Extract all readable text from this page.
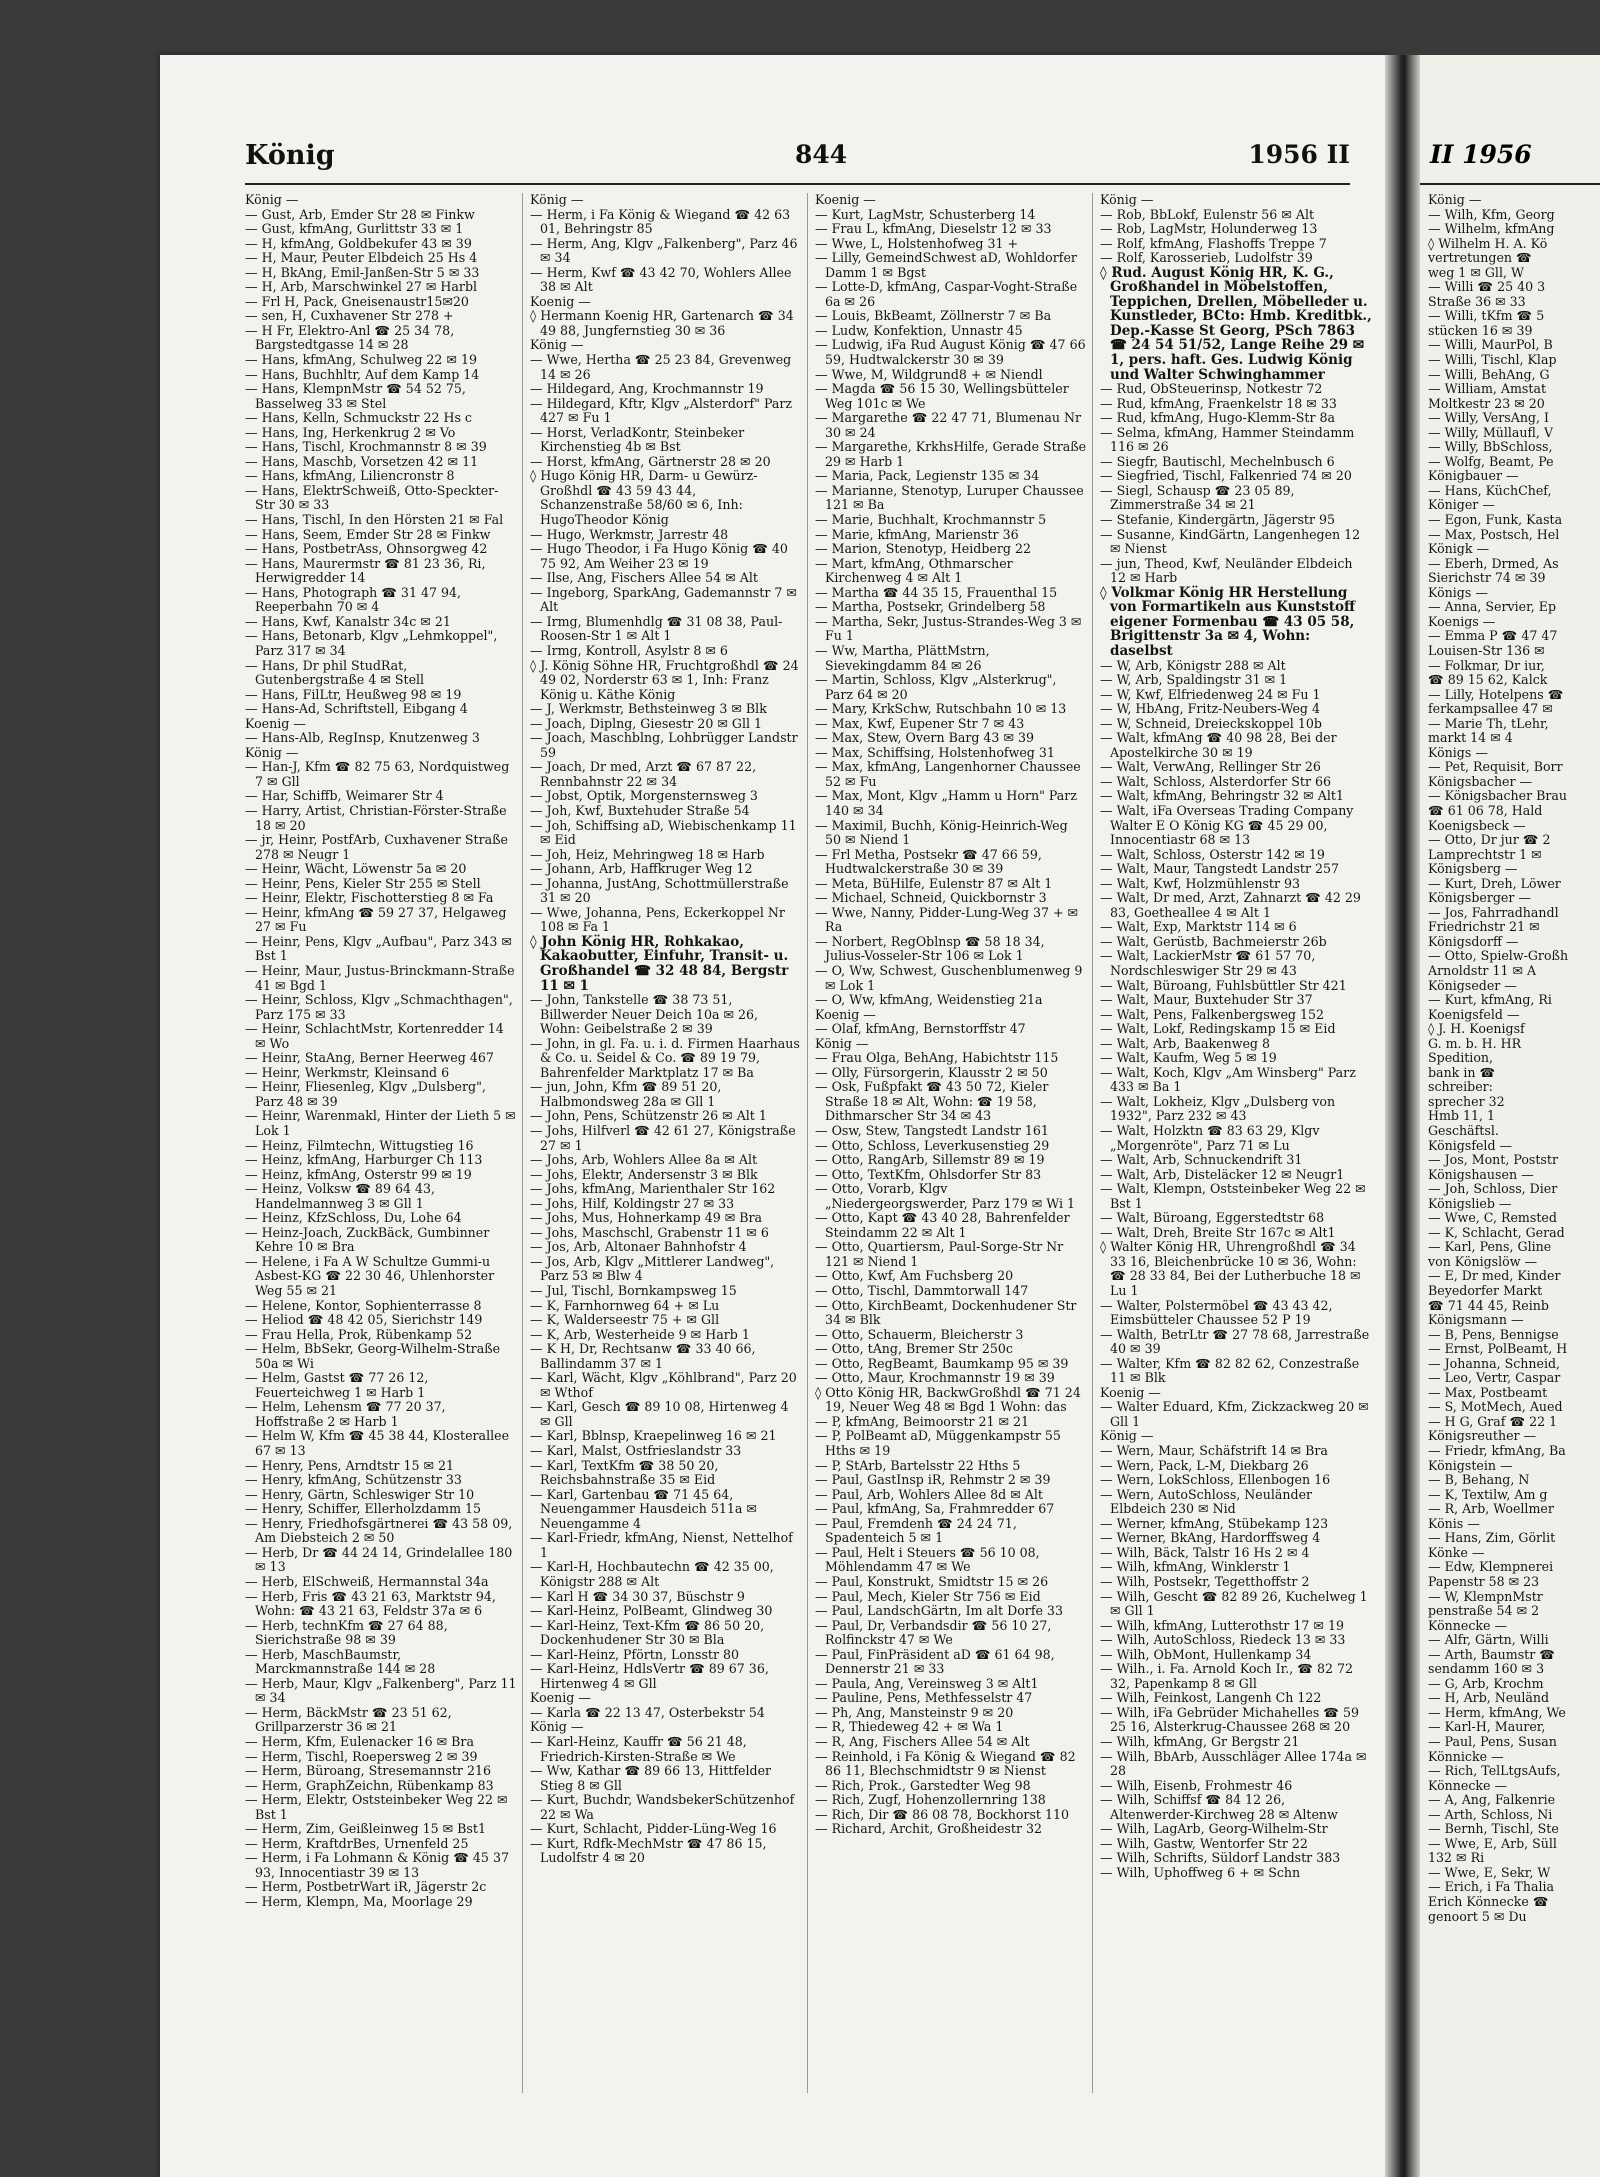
König	844	1956 II
König —
— Gust, Arb, Emder Str 28 ✉ Finkw
— Gust, kfmAng, Gurlittstr 33 ✉ 1
— H, kfmAng, Goldbekufer 43 ✉ 39
— H, Maur, Peuter Elbdeich 25 Hs 4
— H, BkAng, Emil-Janßen-Str 5 ✉ 33
— H, Arb, Marschwinkel 27 ✉ Harbl
— Frl H, Pack, Gneisenaustr15✉20
— sen, H, Cuxhavener Str 278 +
— H Fr, Elektro-Anl ☎ 25 34 78, Bargstedtgasse 14 ✉ 28
— Hans, kfmAng, Schulweg 22 ✉ 19
— Hans, Buchhltr, Auf dem Kamp 14
— Hans, KlempnMstr ☎ 54 52 75, Basselweg 33 ✉ Stel
— Hans, Kelln, Schmuckstr 22 Hs c
— Hans, Ing, Herkenkrug 2 ✉ Vo
— Hans, Tischl, Krochmannstr 8 ✉ 39
— Hans, Maschb, Vorsetzen 42 ✉ 11
— Hans, kfmAng, Liliencronstr 8
— Hans, ElektrSchweiß, Otto-Speckter-Str 30 ✉ 33
— Hans, Tischl, In den Hörsten 21 ✉ Fal
— Hans, Seem, Emder Str 28 ✉ Finkw
— Hans, PostbetrAss, Ohnsorgweg 42
— Hans, Maurermstr ☎ 81 23 36, Ri, Herwigredder 14
— Hans, Photograph ☎ 31 47 94, Reeperbahn 70 ✉ 4
— Hans, Kwf, Kanalstr 34c ✉ 21
— Hans, Betonarb, Klgv „Lehmkoppel", Parz 317 ✉ 34
— Hans, Dr phil StudRat, Gutenbergstraße 4 ✉ Stell
— Hans, FilLtr, Heußweg 98 ✉ 19
— Hans-Ad, Schriftstell, Eibgang 4
Koenig —
— Hans-Alb, RegInsp, Knutzenweg 3
König —
— Han-J, Kfm ☎ 82 75 63, Nordquistweg 7 ✉ Gll
— Har, Schiffb, Weimarer Str 4
— Harry, Artist, Christian-Förster-Straße 18 ✉ 20
— jr, Heinr, PostfArb, Cuxhavener Straße 278 ✉ Neugr 1
— Heinr, Wächt, Löwenstr 5a ✉ 20
— Heinr, Pens, Kieler Str 255 ✉ Stell
— Heinr, Elektr, Fischotterstieg 8 ✉ Fa
— Heinr, kfmAng ☎ 59 27 37, Helgaweg 27 ✉ Fu
— Heinr, Pens, Klgv „Aufbau", Parz 343 ✉ Bst 1
— Heinr, Maur, Justus-Brinckmann-Straße 41 ✉ Bgd 1
— Heinr, Schloss, Klgv „Schmachthagen", Parz 175 ✉ 33
— Heinr, SchlachtMstr, Kortenredder 14 ✉ Wo
— Heinr, StaAng, Berner Heerweg 467
— Heinr, Werkmstr, Kleinsand 6
— Heinr, Fliesenleg, Klgv „Dulsberg", Parz 48 ✉ 39
— Heinr, Warenmakl, Hinter der Lieth 5 ✉ Lok 1
— Heinz, Filmtechn, Wittugstieg 16
— Heinz, kfmAng, Harburger Ch 113
— Heinz, kfmAng, Osterstr 99 ✉ 19
— Heinz, Volksw ☎ 89 64 43, Handelmannweg 3 ✉ Gll 1
— Heinz, KfzSchloss, Du, Lohe 64
— Heinz-Joach, ZuckBäck, Gumbinner Kehre 10 ✉ Bra
— Helene, i Fa A W Schultze Gummi-u Asbest-KG ☎ 22 30 46, Uhlenhorster Weg 55 ✉ 21
— Helene, Kontor, Sophienterrasse 8
— Heliod ☎ 48 42 05, Sierichstr 149
— Frau Hella, Prok, Rübenkamp 52
— Helm, BbSekr, Georg-Wilhelm-Straße 50a ✉ Wi
— Helm, Gastst ☎ 77 26 12, Feuerteichweg 1 ✉ Harb 1
— Helm, Lehensm ☎ 77 20 37, Hoffstraße 2 ✉ Harb 1
— Helm W, Kfm ☎ 45 38 44, Klosterallee 67 ✉ 13
— Henry, Pens, Arndtstr 15 ✉ 21
— Henry, kfmAng, Schützenstr 33
— Henry, Gärtn, Schleswiger Str 10
— Henry, Schiffer, Ellerholzdamm 15
— Henry, Friedhofsgärtnerei ☎ 43 58 09, Am Diebsteich 2 ✉ 50
— Herb, Dr ☎ 44 24 14, Grindelallee 180 ✉ 13
— Herb, ElSchweiß, Hermannstal 34a
— Herb, Fris ☎ 43 21 63, Marktstr 94, Wohn: ☎ 43 21 63, Feldstr 37a ✉ 6
— Herb, technKfm ☎ 27 64 88, Sierichstraße 98 ✉ 39
— Herb, MaschBaumstr, Marckmannstraße 144 ✉ 28
— Herb, Maur, Klgv „Falkenberg", Parz 11 ✉ 34
— Herm, BäckMstr ☎ 23 51 62, Grillparzerstr 36 ✉ 21
— Herm, Kfm, Eulenacker 16 ✉ Bra
— Herm, Tischl, Roepersweg 2 ✉ 39
— Herm, Büroang, Stresemannstr 216
— Herm, GraphZeichn, Rübenkamp 83
— Herm, Elektr, Oststeinbeker Weg 22 ✉ Bst 1
— Herm, Zim, Geißleinweg 15 ✉ Bst1
— Herm, KraftdrBes, Urnenfeld 25
— Herm, i Fa Lohmann & König ☎ 45 37 93, Innocentiastr 39 ✉ 13
— Herm, PostbetrWart iR, Jägerstr 2c
— Herm, Klempn, Ma, Moorlage 29
König —
— Herm, i Fa König & Wiegand ☎ 42 63 01, Behringstr 85
— Herm, Ang, Klgv „Falkenberg", Parz 46 ✉ 34
— Herm, Kwf ☎ 43 42 70, Wohlers Allee 38 ✉ Alt
Koenig —
◊ Hermann Koenig HR, Gartenarch ☎ 34 49 88, Jungfernstieg 30 ✉ 36
König —
— Wwe, Hertha ☎ 25 23 84, Grevenweg 14 ✉ 26
— Hildegard, Ang, Krochmannstr 19
— Hildegard, Kftr, Klgv „Alsterdorf" Parz 427 ✉ Fu 1
— Horst, VerladKontr, Steinbeker Kirchenstieg 4b ✉ Bst
— Horst, kfmAng, Gärtnerstr 28 ✉ 20
◊ Hugo König HR, Darm- u Gewürz-Großhdl ☎ 43 59 43 44, Schanzenstraße 58/60 ✉ 6, Inh: HugoTheodor König
— Hugo, Werkmstr, Jarrestr 48
— Hugo Theodor, i Fa Hugo König ☎ 40 75 92, Am Weiher 23 ✉ 19
— Ilse, Ang, Fischers Allee 54 ✉ Alt
— Ingeborg, SparkAng, Gademannstr 7 ✉ Alt
— Irmg, Blumenhdlg ☎ 31 08 38, Paul-Roosen-Str 1 ✉ Alt 1
— Irmg, Kontroll, Asylstr 8 ✉ 6
◊ J. König Söhne HR, Fruchtgroßhdl ☎ 24 49 02, Norderstr 63 ✉ 1, Inh: Franz König u. Käthe König
— J, Werkmstr, Bethsteinweg 3 ✉ Blk
— Joach, Diplng, Giesestr 20 ✉ Gll 1
— Joach, Maschblng, Lohbrügger Landstr 59
— Joach, Dr med, Arzt ☎ 67 87 22, Rennbahnstr 22 ✉ 34
— Jobst, Optik, Morgensternsweg 3
— Joh, Kwf, Buxtehuder Straße 54
— Joh, Schiffsing aD, Wiebischenkamp 11 ✉ Eid
— Joh, Heiz, Mehringweg 18 ✉ Harb
— Johann, Arb, Haffkruger Weg 12
— Johanna, JustAng, Schottmüllerstraße 31 ✉ 20
— Wwe, Johanna, Pens, Eckerkoppel Nr 108 ✉ Fa 1
◊ John König HR, Rohkakao, Kakaobutter, Einfuhr, Transit- u. Großhandel ☎ 32 48 84, Bergstr 11 ✉ 1
— John, Tankstelle ☎ 38 73 51, Billwerder Neuer Deich 10a ✉ 26, Wohn: Geibelstraße 2 ✉ 39
— John, in gl. Fa. u. i. d. Firmen Haarhaus & Co. u. Seidel & Co. ☎ 89 19 79, Bahrenfelder Marktplatz 17 ✉ Ba
— jun, John, Kfm ☎ 89 51 20, Halbmondsweg 28a ✉ Gll 1
— John, Pens, Schützenstr 26 ✉ Alt 1
— Johs, Hilfverl ☎ 42 61 27, Königstraße 27 ✉ 1
— Johs, Arb, Wohlers Allee 8a ✉ Alt
— Johs, Elektr, Andersenstr 3 ✉ Blk
— Johs, kfmAng, Marienthaler Str 162
— Johs, Hilf, Koldingstr 27 ✉ 33
— Johs, Mus, Hohnerkamp 49 ✉ Bra
— Johs, Maschschl, Grabenstr 11 ✉ 6
— Jos, Arb, Altonaer Bahnhofstr 4
— Jos, Arb, Klgv „Mittlerer Landweg", Parz 53 ✉ Blw 4
— Jul, Tischl, Bornkampsweg 15
— K, Farnhornweg 64 + ✉ Lu
— K, Walderseestr 75 + ✉ Gll
— K, Arb, Westerheide 9 ✉ Harb 1
— K H, Dr, Rechtsanw ☎ 33 40 66, Ballindamm 37 ✉ 1
— Karl, Wächt, Klgv „Köhlbrand", Parz 20 ✉ Wthof
— Karl, Gesch ☎ 89 10 08, Hirtenweg 4 ✉ Gll
— Karl, Bblnsp, Kraepelinweg 16 ✉ 21
— Karl, Malst, Ostfrieslandstr 33
— Karl, TextKfm ☎ 38 50 20, Reichsbahnstraße 35 ✉ Eid
— Karl, Gartenbau ☎ 71 45 64, Neuengammer Hausdeich 511a ✉ Neuengamme 4
— Karl-Friedr, kfmAng, Nienst, Nettelhof 1
— Karl-H, Hochbautechn ☎ 42 35 00, Königstr 288 ✉ Alt
— Karl H ☎ 34 30 37, Büschstr 9
— Karl-Heinz, PolBeamt, Glindweg 30
— Karl-Heinz, Text-Kfm ☎ 86 50 20, Dockenhudener Str 30 ✉ Bla
— Karl-Heinz, Pförtn, Lonsstr 80
— Karl-Heinz, HdlsVertr ☎ 89 67 36, Hirtenweg 4 ✉ Gll
Koenig —
— Karla ☎ 22 13 47, Osterbekstr 54
König —
— Karl-Heinz, Kauffr ☎ 56 21 48, Friedrich-Kirsten-Straße ✉ We
— Ww, Kathar ☎ 89 66 13, Hittfelder Stieg 8 ✉ Gll
— Kurt, Buchdr, WandsbekerSchützenhof 22 ✉ Wa
— Kurt, Schlacht, Pidder-Lüng-Weg 16
— Kurt, Rdfk-MechMstr ☎ 47 86 15, Ludolfstr 4 ✉ 20
Koenig —
— Kurt, LagMstr, Schusterberg 14
— Frau L, kfmAng, Dieselstr 12 ✉ 33
— Wwe, L, Holstenhofweg 31 +
— Lilly, GemeindSchwest aD, Wohldorfer Damm 1 ✉ Bgst
— Lotte-D, kfmAng, Caspar-Voght-Straße 6a ✉ 26
— Louis, BkBeamt, Zöllnerstr 7 ✉ Ba
— Ludw, Konfektion, Unnastr 45
— Ludwig, iFa Rud August König ☎ 47 66 59, Hudtwalckerstr 30 ✉ 39
— Wwe, M, Wildgrund8 + ✉ Niendl
— Magda ☎ 56 15 30, Wellingsbütteler Weg 101c ✉ We
— Margarethe ☎ 22 47 71, Blumenau Nr 30 ✉ 24
— Margarethe, KrkhsHilfe, Gerade Straße 29 ✉ Harb 1
— Maria, Pack, Legienstr 135 ✉ 34
— Marianne, Stenotyp, Luruper Chaussee 121 ✉ Ba
— Marie, Buchhalt, Krochmannstr 5
— Marie, kfmAng, Marienstr 36
— Marion, Stenotyp, Heidberg 22
— Mart, kfmAng, Othmarscher Kirchenweg 4 ✉ Alt 1
— Martha ☎ 44 35 15, Frauenthal 15
— Martha, Postsekr, Grindelberg 58
— Martha, Sekr, Justus-Strandes-Weg 3 ✉ Fu 1
— Ww, Martha, PlättMstrn, Sievekingdamm 84 ✉ 26
— Martin, Schloss, Klgv „Alsterkrug", Parz 64 ✉ 20
— Mary, KrkSchw, Rutschbahn 10 ✉ 13
— Max, Kwf, Eupener Str 7 ✉ 43
— Max, Stew, Overn Barg 43 ✉ 39
— Max, Schiffsing, Holstenhofweg 31
— Max, kfmAng, Langenhorner Chaussee 52 ✉ Fu
— Max, Mont, Klgv „Hamm u Horn" Parz 140 ✉ 34
— Maximil, Buchh, König-Heinrich-Weg 50 ✉ Niend 1
— Frl Metha, Postsekr ☎ 47 66 59, Hudtwalckerstraße 30 ✉ 39
— Meta, BüHilfe, Eulenstr 87 ✉ Alt 1
— Michael, Schneid, Quickbornstr 3
— Wwe, Nanny, Pidder-Lung-Weg 37 + ✉ Ra
— Norbert, RegOblnsp ☎ 58 18 34, Julius-Vosseler-Str 106 ✉ Lok 1
— O, Ww, Schwest, Guschenblumenweg 9 ✉ Lok 1
— O, Ww, kfmAng, Weidenstieg 21a
Koenig —
— Olaf, kfmAng, Bernstorffstr 47
König —
— Frau Olga, BehAng, Habichtstr 115
— Olly, Fürsorgerin, Klausstr 2 ✉ 50
— Osk, Fußpfakt ☎ 43 50 72, Kieler Straße 18 ✉ Alt, Wohn: ☎ 19 58, Dithmarscher Str 34 ✉ 43
— Osw, Stew, Tangstedt Landstr 161
— Otto, Schloss, Leverkusenstieg 29
— Otto, RangArb, Sillemstr 89 ✉ 19
— Otto, TextKfm, Ohlsdorfer Str 83
— Otto, Vorarb, Klgv „Niedergeorgswerder, Parz 179 ✉ Wi 1
— Otto, Kapt ☎ 43 40 28, Bahrenfelder Steindamm 22 ✉ Alt 1
— Otto, Quartiersm, Paul-Sorge-Str Nr 121 ✉ Niend 1
— Otto, Kwf, Am Fuchsberg 20
— Otto, Tischl, Dammtorwall 147
— Otto, KirchBeamt, Dockenhudener Str 34 ✉ Blk
— Otto, Schauerm, Bleicherstr 3
— Otto, tAng, Bremer Str 250c
— Otto, RegBeamt, Baumkamp 95 ✉ 39
— Otto, Maur, Krochmannstr 19 ✉ 39
◊ Otto König HR, BackwGroßhdl ☎ 71 24 19, Neuer Weg 48 ✉ Bgd 1 Wohn: das
— P, kfmAng, Beimoorstr 21 ✉ 21
— P, PolBeamt aD, Müggenkampstr 55 Hths ✉ 19
— P, StArb, Bartelsstr 22 Hths 5
— Paul, GastInsp iR, Rehmstr 2 ✉ 39
— Paul, Arb, Wohlers Allee 8d ✉ Alt
— Paul, kfmAng, Sa, Frahmredder 67
— Paul, Fremdenh ☎ 24 24 71, Spadenteich 5 ✉ 1
— Paul, Helt i Steuers ☎ 56 10 08, Möhlendamm 47 ✉ We
— Paul, Konstrukt, Smidtstr 15 ✉ 26
— Paul, Mech, Kieler Str 756 ✉ Eid
— Paul, LandschGärtn, Im alt Dorfe 33
— Paul, Dr, Verbandsdir ☎ 56 10 27, Rolfinckstr 47 ✉ We
— Paul, FinPräsident aD ☎ 61 64 98, Dennerstr 21 ✉ 33
— Paula, Ang, Vereinsweg 3 ✉ Alt1
— Pauline, Pens, Methfesselstr 47
— Ph, Ang, Mansteinstr 9 ✉ 20
— R, Thiedeweg 42 + ✉ Wa 1
— R, Ang, Fischers Allee 54 ✉ Alt
— Reinhold, i Fa König & Wiegand ☎ 82 86 11, Blechschmidtstr 9 ✉ Nienst
— Rich, Prok., Garstedter Weg 98
— Rich, Zugf, Hohenzollernring 138
— Rich, Dir ☎ 86 08 78, Bockhorst 110
— Richard, Archit, Großheidestr 32
König —
— Rob, BbLokf, Eulenstr 56 ✉ Alt
— Rob, LagMstr, Holunderweg 13
— Rolf, kfmAng, Flashoffs Treppe 7
— Rolf, Karosserieb, Ludolfstr 39
◊ Rud. August König HR, K. G., Großhandel in Möbelstoffen, Teppichen, Drellen, Möbelleder u. Kunstleder, BCto: Hmb. Kreditbk., Dep.-Kasse St Georg, PSch 7863 ☎ 24 54 51/52, Lange Reihe 29 ✉ 1, pers. haft. Ges. Ludwig König und Walter Schwinghammer
— Rud, ObSteuerinsp, Notkestr 72
— Rud, kfmAng, Fraenkelstr 18 ✉ 33
— Rud, kfmAng, Hugo-Klemm-Str 8a
— Selma, kfmAng, Hammer Steindamm 116 ✉ 26
— Siegfr, Bautischl, Mechelnbusch 6
— Siegfried, Tischl, Falkenried 74 ✉ 20
— Siegl, Schausp ☎ 23 05 89, Zimmerstraße 34 ✉ 21
— Stefanie, Kindergärtn, Jägerstr 95
— Susanne, KindGärtn, Langenhegen 12 ✉ Nienst
— jun, Theod, Kwf, Neuländer Elbdeich 12 ✉ Harb
◊ Volkmar König HR Herstellung von Formartikeln aus Kunststoff eigener Formenbau ☎ 43 05 58, Brigittenstr 3a ✉ 4, Wohn: daselbst
— W, Arb, Königstr 288 ✉ Alt
— W, Arb, Spaldingstr 31 ✉ 1
— W, Kwf, Elfriedenweg 24 ✉ Fu 1
— W, HbAng, Fritz-Neubers-Weg 4
— W, Schneid, Dreieckskoppel 10b
— Walt, kfmAng ☎ 40 98 28, Bei der Apostelkirche 30 ✉ 19
— Walt, VerwAng, Rellinger Str 26
— Walt, Schloss, Alsterdorfer Str 66
— Walt, kfmAng, Behringstr 32 ✉ Alt1
— Walt, iFa Overseas Trading Company Walter E O König KG ☎ 45 29 00, Innocentiastr 68 ✉ 13
— Walt, Schloss, Osterstr 142 ✉ 19
— Walt, Maur, Tangstedt Landstr 257
— Walt, Kwf, Holzmühlenstr 93
— Walt, Dr med, Arzt, Zahnarzt ☎ 42 29 83, Goetheallee 4 ✉ Alt 1
— Walt, Exp, Marktstr 114 ✉ 6
— Walt, Gerüstb, Bachmeierstr 26b
— Walt, LackierMstr ☎ 61 57 70, Nordschleswiger Str 29 ✉ 43
— Walt, Büroang, Fuhlsbüttler Str 421
— Walt, Maur, Buxtehuder Str 37
— Walt, Pens, Falkenbergsweg 152
— Walt, Lokf, Redingskamp 15 ✉ Eid
— Walt, Arb, Baakenweg 8
— Walt, Kaufm, Weg 5 ✉ 19
— Walt, Koch, Klgv „Am Winsberg" Parz 433 ✉ Ba 1
— Walt, Lokheiz, Klgv „Dulsberg von 1932", Parz 232 ✉ 43
— Walt, Holzktn ☎ 83 63 29, Klgv „Morgenröte", Parz 71 ✉ Lu
— Walt, Arb, Schnuckendrift 31
— Walt, Arb, Disteläcker 12 ✉ Neugr1
— Walt, Klempn, Oststeinbeker Weg 22 ✉ Bst 1
— Walt, Büroang, Eggerstedtstr 68
— Walt, Dreh, Breite Str 167c ✉ Alt1
◊ Walter König HR, Uhrengroßhdl ☎ 34 33 16, Bleichenbrücke 10 ✉ 36, Wohn: ☎ 28 33 84, Bei der Lutherbuche 18 ✉ Lu 1
— Walter, Polstermöbel ☎ 43 43 42, Eimsbütteler Chaussee 52 P 19
— Walth, BetrLtr ☎ 27 78 68, Jarrestraße 40 ✉ 39
— Walter, Kfm ☎ 82 82 62, Conzestraße 11 ✉ Blk
Koenig —
— Walter Eduard, Kfm, Zickzackweg 20 ✉ Gll 1
König —
— Wern, Maur, Schäfstrift 14 ✉ Bra
— Wern, Pack, L-M, Diekbarg 26
— Wern, LokSchloss, Ellenbogen 16
— Wern, AutoSchloss, Neuländer Elbdeich 230 ✉ Nid
— Werner, kfmAng, Stübekamp 123
— Werner, BkAng, Hardorffsweg 4
— Wilh, Bäck, Talstr 16 Hs 2 ✉ 4
— Wilh, kfmAng, Winklerstr 1
— Wilh, Postsekr, Tegetthoffstr 2
— Wilh, Gescht ☎ 82 89 26, Kuchelweg 1 ✉ Gll 1
— Wilh, kfmAng, Lutterothstr 17 ✉ 19
— Wilh, AutoSchloss, Riedeck 13 ✉ 33
— Wilh, ObMont, Hullenkamp 34
— Wilh., i. Fa. Arnold Koch Ir., ☎ 82 72 32, Papenkamp 8 ✉ Gll
— Wilh, Feinkost, Langenh Ch 122
— Wilh, iFa Gebrüder Michahelles ☎ 59 25 16, Alsterkrug-Chaussee 268 ✉ 20
— Wilh, kfmAng, Gr Bergstr 21
— Wilh, BbArb, Ausschläger Allee 174a ✉ 28
— Wilh, Eisenb, Frohmestr 46
— Wilh, Schiffsf ☎ 84 12 26, Altenwerder-Kirchweg 28 ✉ Altenw
— Wilh, LagArb, Georg-Wilhelm-Str
— Wilh, Gastw, Wentorfer Str 22
— Wilh, Schrifts, Süldorf Landstr 383
— Wilh, Uphoffweg 6 + ✉ Schn
II 1956
König —
— Wilh, Kfm, Georg
— Wilhelm, kfmAng
◊ Wilhelm H. A. Kö
vertretungen ☎
weg 1 ✉ Gll, W
— Willi ☎ 25 40 3
Straße 36 ✉ 33
— Willi, tKfm ☎ 5
stücken 16 ✉ 39
— Willi, MaurPol, B
— Willi, Tischl, Klap
— Willi, BehAng, G
— William, Amstat
Moltkestr 23 ✉ 20
— Willy, VersAng, I
— Willy, Müllaufl, V
— Willy, BbSchloss,
— Wolfg, Beamt, Pe
Königbauer —
— Hans, KüchChef,
Königer —
— Egon, Funk, Kasta
— Max, Postsch, Hel
Königk —
— Eberh, Drmed, As
Sierichstr 74 ✉ 39
Königs —
— Anna, Servier, Ep
Koenigs —
— Emma P ☎ 47 47
Louisen-Str 136 ✉
— Folkmar, Dr iur,
☎ 89 15 62, Kalck
— Lilly, Hotelpens ☎
ferkampsallee 47 ✉
— Marie Th, tLehr,
markt 14 ✉ 4
Königs —
— Pet, Requisit, Borr
Königsbacher —
— Königsbacher Brau
☎ 61 06 78, Hald
Koenigsbeck —
— Otto, Dr jur ☎ 2
Lamprechtstr 1 ✉
Königsberg —
— Kurt, Dreh, Löwer
Königsberger —
— Jos, Fahrradhandl
Friedrichstr 21 ✉
Königsdorff —
— Otto, Spielw-Großh
Arnoldstr 11 ✉ A
Königseder —
— Kurt, kfmAng, Ri
Koenigsfeld —
◊ J. H. Koenigsf
G. m. b. H. HR
Spedition,
bank in ☎
schreiber:
sprecher 32
Hmb 11, 1
Geschäftsl.
Königsfeld —
— Jos, Mont, Poststr
Königshausen —
— Joh, Schloss, Dier
Königslieb —
— Wwe, C, Remsted
— K, Schlacht, Gerad
— Karl, Pens, Gline
von Königslöw —
— E, Dr med, Kinder
Beyedorfer Markt
☎ 71 44 45, Reinb
Königsmann —
— B, Pens, Bennigse
— Ernst, PolBeamt, H
— Johanna, Schneid,
— Leo, Vertr, Caspar
— Max, Postbeamt
— S, MotMech, Aued
— H G, Graf ☎ 22 1
Königsreuther —
— Friedr, kfmAng, Ba
Königstein —
— B, Behang, N
— K, Textilw, Am g
— R, Arb, Woellmer
Könis —
— Hans, Zim, Görlit
Könke —
— Edw, Klempnerei
Papenstr 58 ✉ 23
— W, KlempnMstr
penstraße 54 ✉ 2
Könnecke —
— Alfr, Gärtn, Willi
— Arth, Baumstr ☎
sendamm 160 ✉ 3
— G, Arb, Krochm
— H, Arb, Neuländ
— Herm, kfmAng, We
— Karl-H, Maurer,
— Paul, Pens, Susan
Könnicke —
— Rich, TelLtgsAufs,
Könnecke —
— A, Ang, Falkenrie
— Arth, Schloss, Ni
— Bernh, Tischl, Ste
— Wwe, E, Arb, Süll
132 ✉ Ri
— Wwe, E, Sekr, W
— Erich, i Fa Thalia
Erich Könnecke ☎
genoort 5 ✉ Du
